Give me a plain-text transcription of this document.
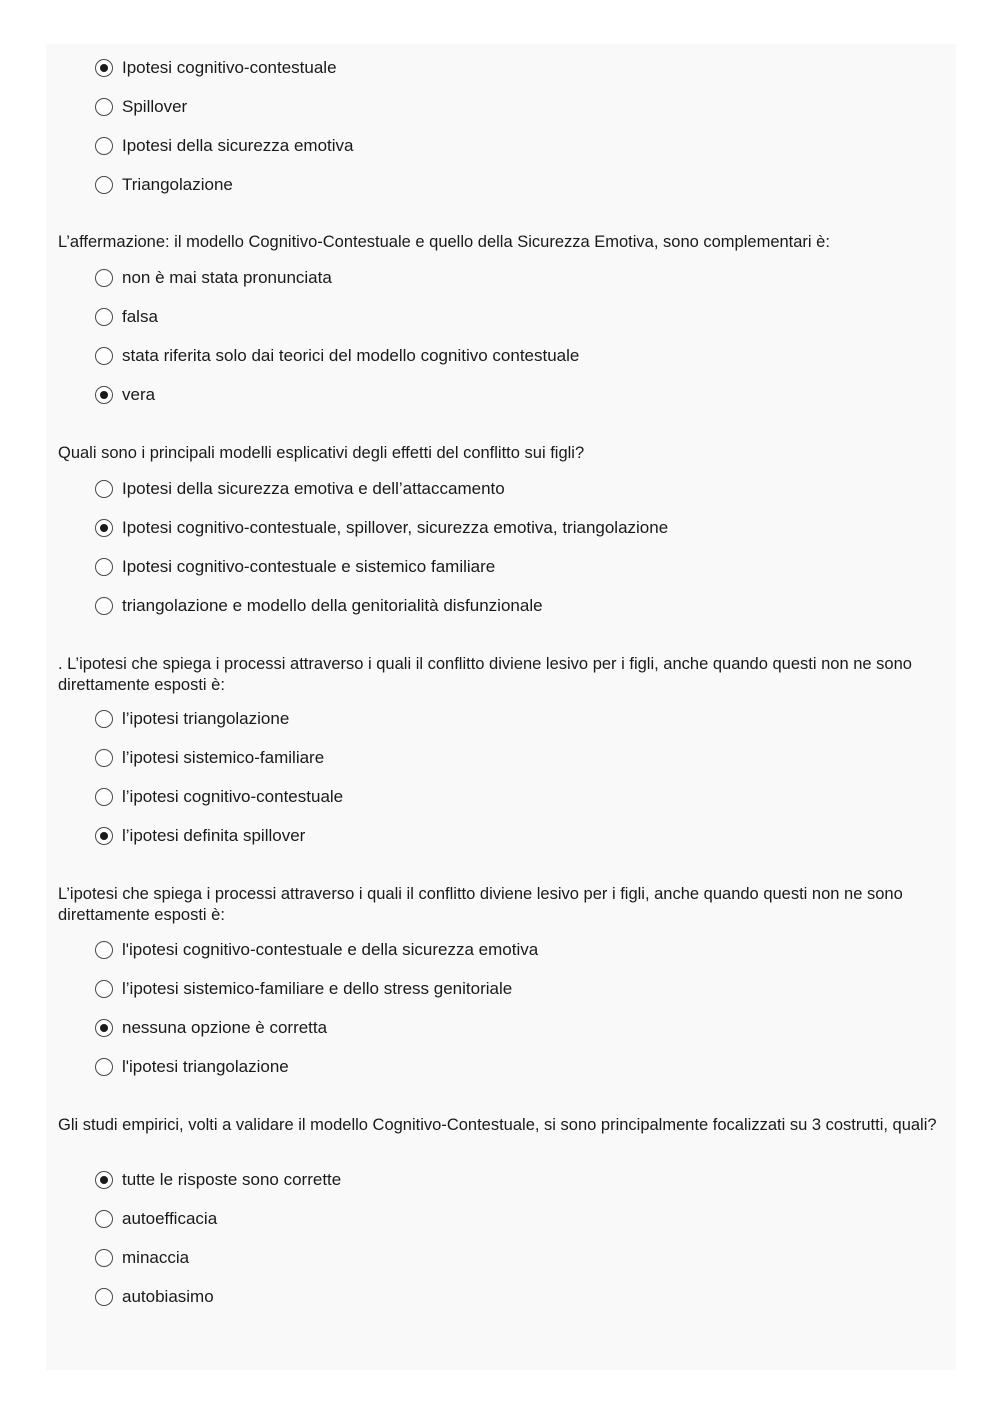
Ipotesi cognitivo-contestuale
Spillover
Ipotesi della sicurezza emotiva
Triangolazione

L’affermazione: il modello Cognitivo-Contestuale e quello della Sicurezza Emotiva, sono complementari è:

non è mai stata pronunciata
falsa
stata riferita solo dai teorici del modello cognitivo contestuale
vera

Quali sono i principali modelli esplicativi degli effetti del conflitto sui figli?

Ipotesi della sicurezza emotiva e dell’attaccamento
Ipotesi cognitivo-contestuale, spillover, sicurezza emotiva, triangolazione
Ipotesi cognitivo-contestuale e sistemico familiare
triangolazione e modello della genitorialità disfunzionale

. L’ipotesi che spiega i processi attraverso i quali il conflitto diviene lesivo per i figli, anche quando questi non ne sono direttamente esposti è:

l’ipotesi triangolazione
l’ipotesi sistemico-familiare
l’ipotesi cognitivo-contestuale
l’ipotesi definita spillover

L’ipotesi che spiega i processi attraverso i quali il conflitto diviene lesivo per i figli, anche quando questi non ne sono direttamente esposti è:

l'ipotesi cognitivo-contestuale e della sicurezza emotiva
l’ipotesi sistemico-familiare e dello stress genitoriale
nessuna opzione è corretta
l'ipotesi triangolazione

Gli studi empirici, volti a validare il modello Cognitivo-Contestuale, si sono principalmente focalizzati su 3 costrutti, quali?

tutte le risposte sono corrette
autoefficacia
minaccia
autobiasimo
